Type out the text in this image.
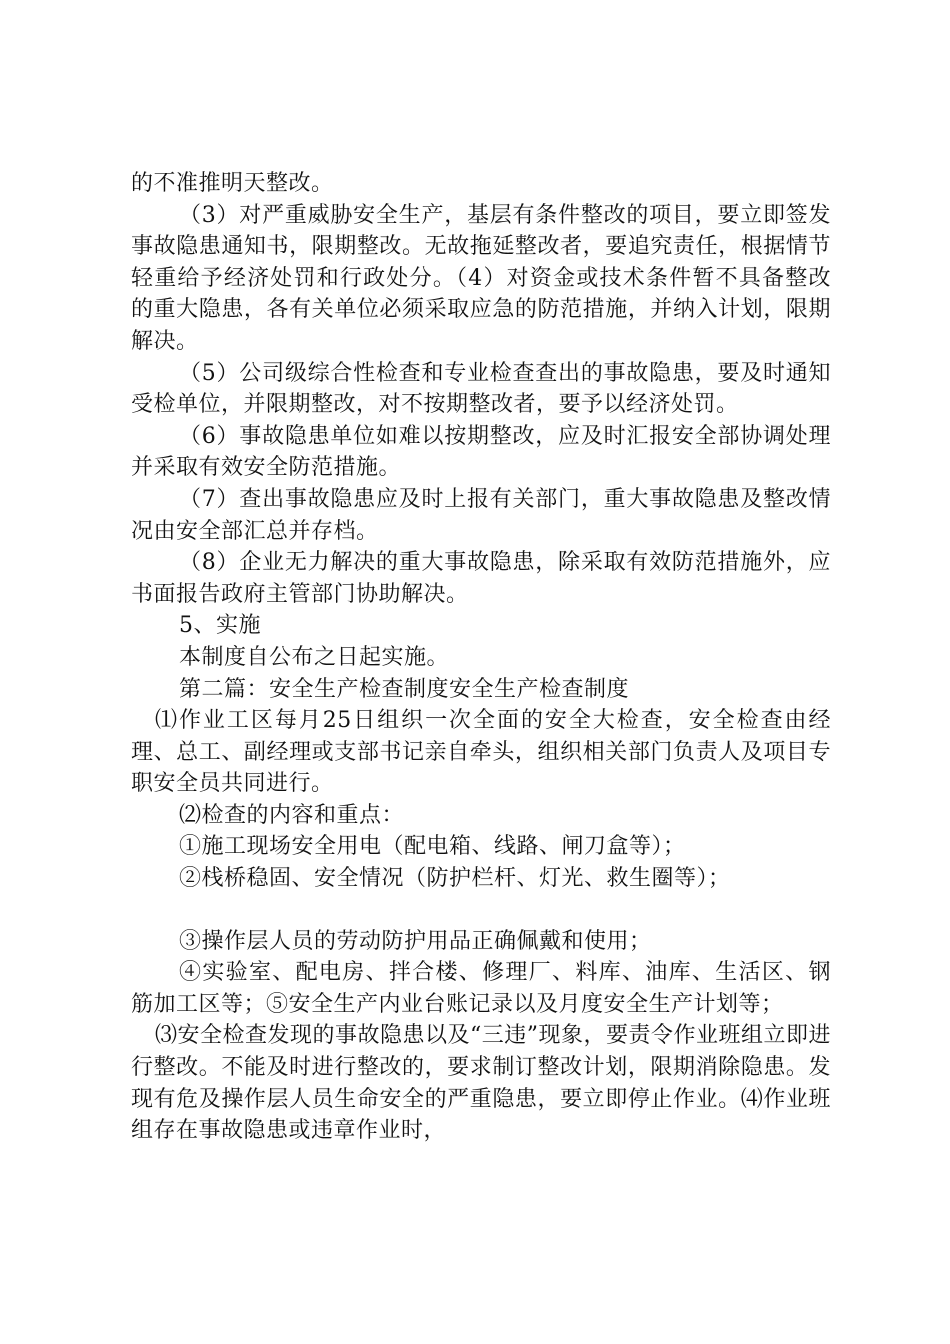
的不准推明天整改。

（3）对严重威胁安全生产，基层有条件整改的项目，要立即签发事故隐患通知书，限期整改。无故拖延整改者，要追究责任，根据情节轻重给予经济处罚和行政处分。（4）对资金或技术条件暂不具备整改的重大隐患，各有关单位必须采取应急的防范措施，并纳入计划，限期解决。

（5）公司级综合性检查和专业检查查出的事故隐患，要及时通知受检单位，并限期整改，对不按期整改者，要予以经济处罚。

（6）事故隐患单位如难以按期整改，应及时汇报安全部协调处理并采取有效安全防范措施。

（7）查出事故隐患应及时上报有关部门，重大事故隐患及整改情况由安全部汇总并存档。

（8）企业无力解决的重大事故隐患，除采取有效防范措施外，应书面报告政府主管部门协助解决。

5、实施

本制度自公布之日起实施。

第二篇：安全生产检查制度安全生产检查制度

⑴作业工区每月25日组织一次全面的安全大检查，安全检查由经理、总工、副经理或支部书记亲自牵头，组织相关部门负责人及项目专职安全员共同进行。

⑵检查的内容和重点：

①施工现场安全用电（配电箱、线路、闸刀盒等）；

②栈桥稳固、安全情况（防护栏杆、灯光、救生圈等）；

③操作层人员的劳动防护用品正确佩戴和使用；

④实验室、配电房、拌合楼、修理厂、料库、油库、生活区、钢筋加工区等；⑤安全生产内业台账记录以及月度安全生产计划等；

⑶安全检查发现的事故隐患以及“三违”现象，要责令作业班组立即进行整改。不能及时进行整改的，要求制订整改计划，限期消除隐患。发现有危及操作层人员生命安全的严重隐患，要立即停止作业。⑷作业班组存在事故隐患或违章作业时，
